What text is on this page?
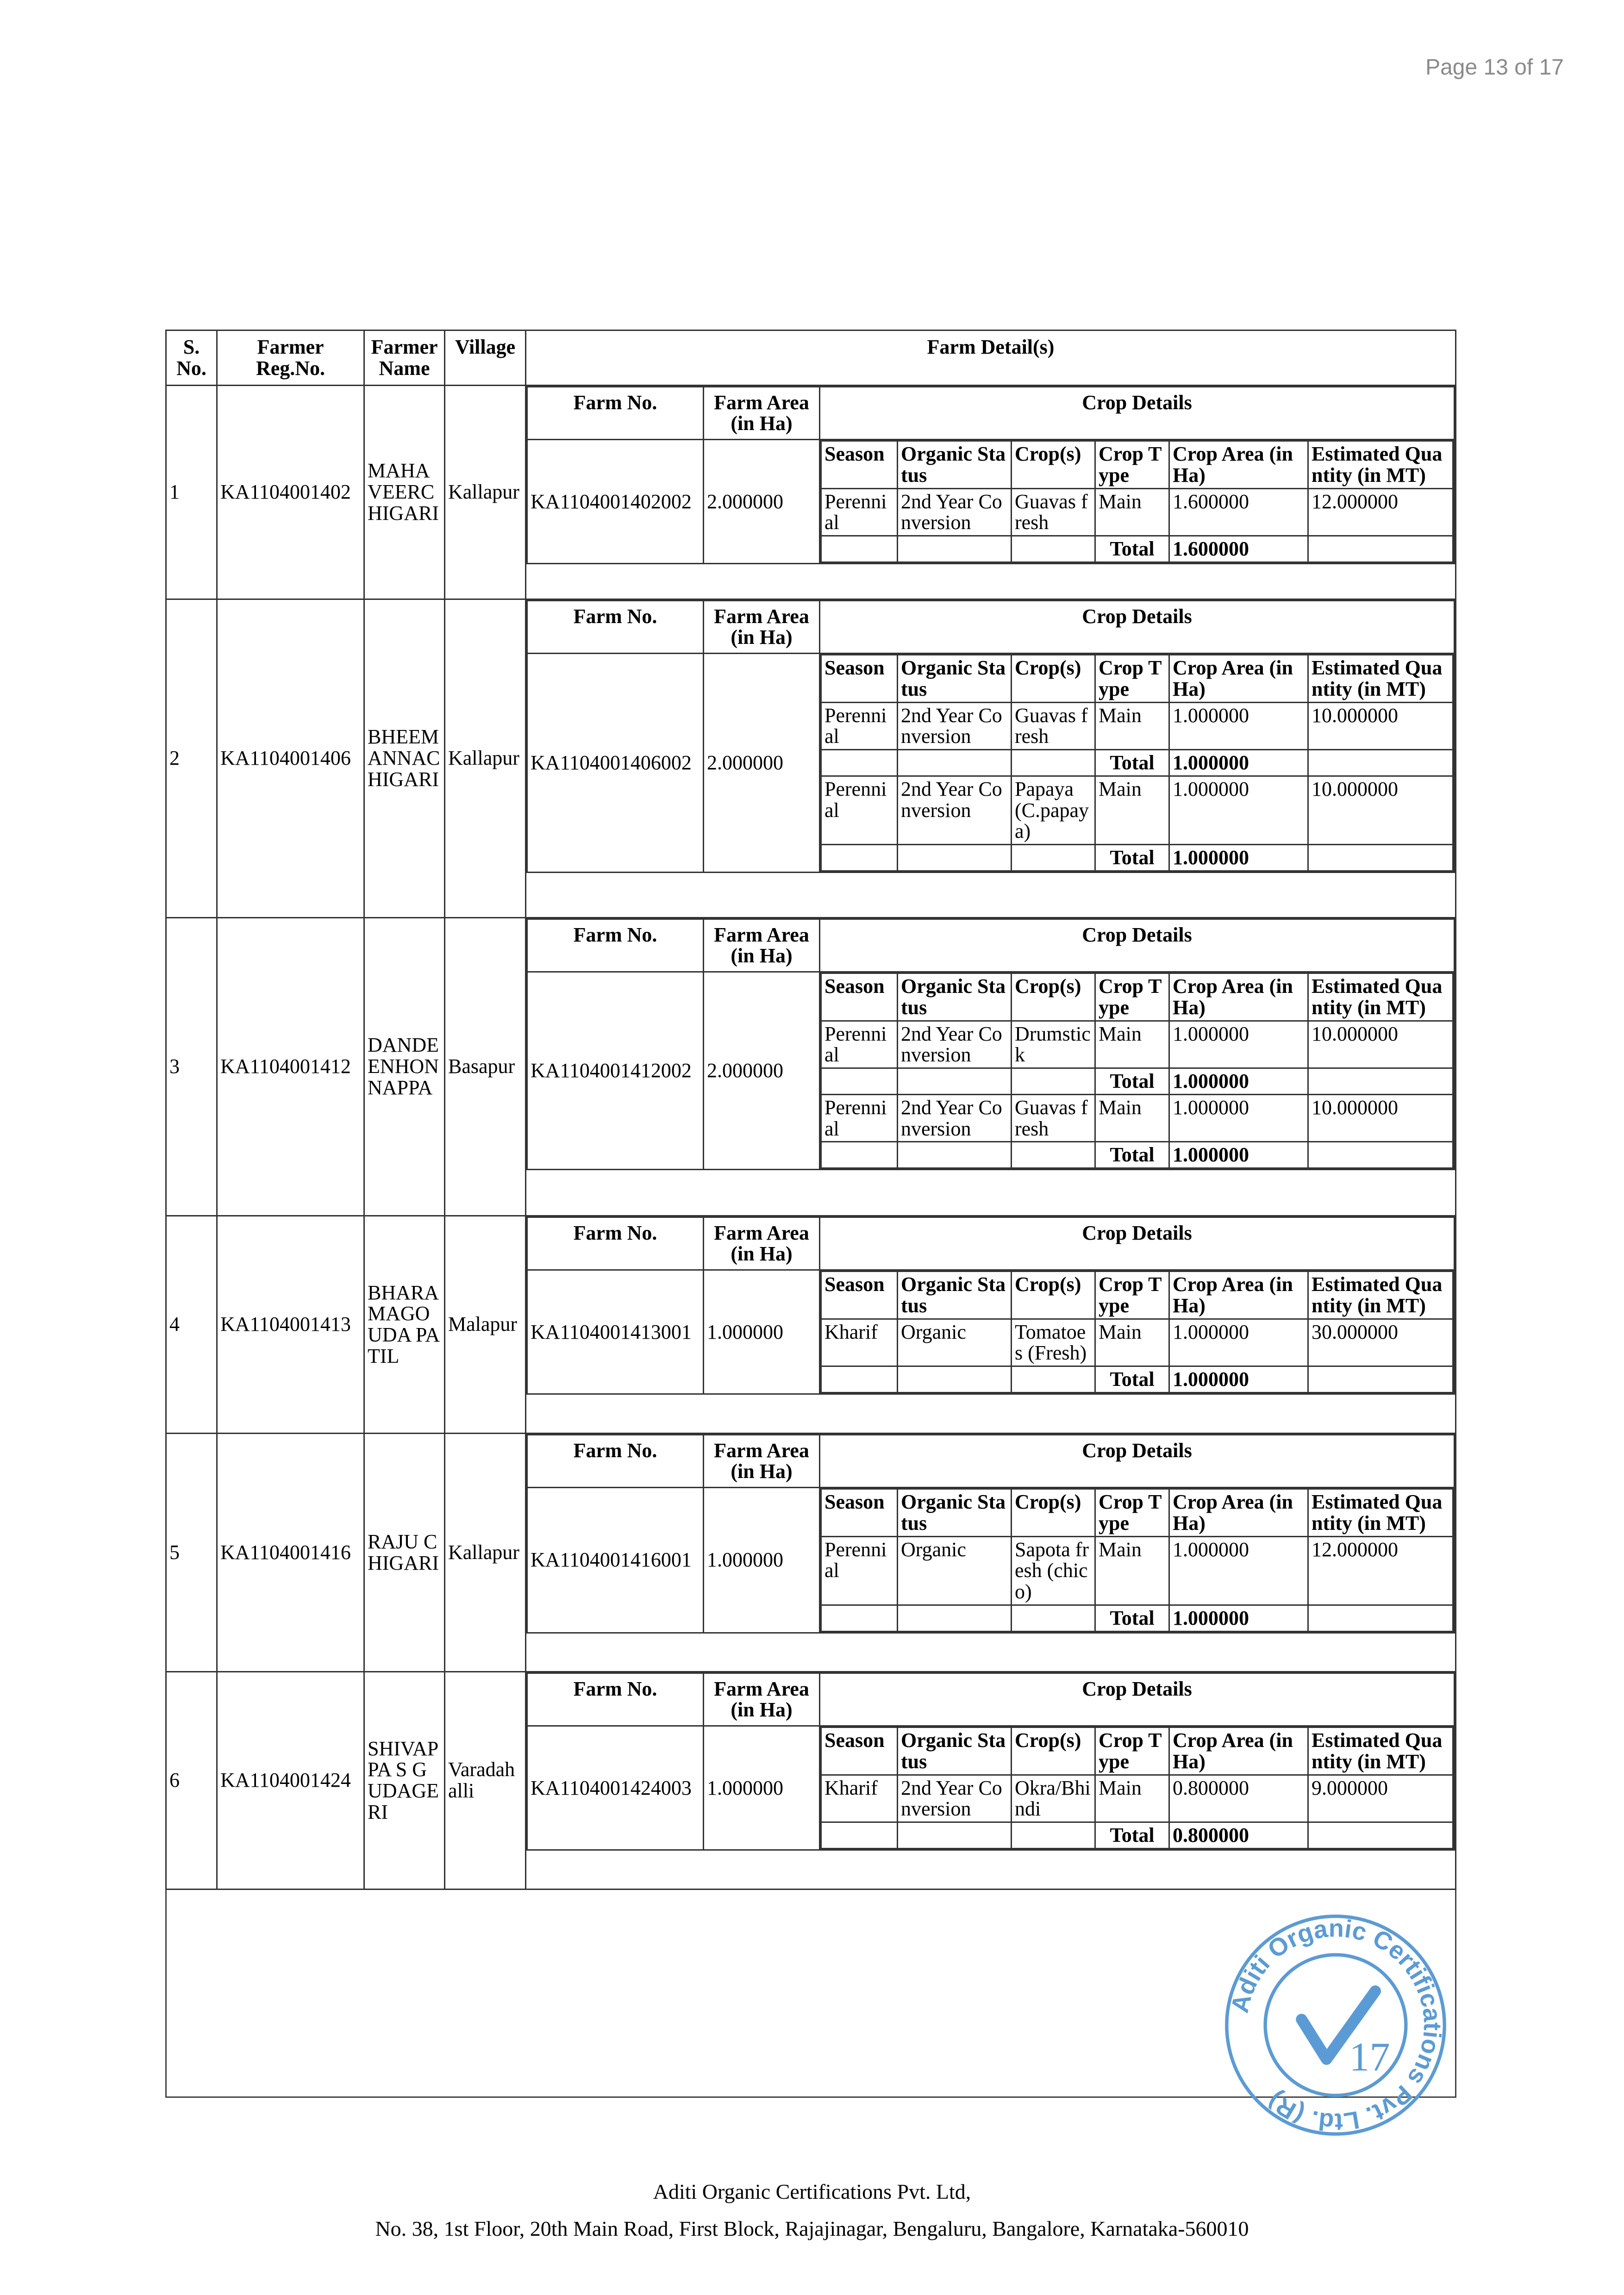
Page 13 of 17
S. No.	Farmer Reg.No.	Farmer Name	Village	Farm Detail(s)
1	KA1104001402	MAHAVEERCHIGARI	Kallapur	
Farm No.	Farm Area (in Ha)	Crop Details
KA1104001402002	2.000000	
Season	Organic Status	Crop(s)	Crop Type	Crop Area (in Ha)	Estimated Quantity (in MT)
Perennial	2nd Year Conversion	Guavas fresh	Main	1.600000	12.000000
			Total	1.600000	

2	KA1104001406	BHEEMANNACHIGARI	Kallapur	
Farm No.	Farm Area (in Ha)	Crop Details
KA1104001406002	2.000000	
Season	Organic Status	Crop(s)	Crop Type	Crop Area (in Ha)	Estimated Quantity (in MT)
Perennial	2nd Year Conversion	Guavas fresh	Main	1.000000	10.000000
			Total	1.000000	
Perennial	2nd Year Conversion	Papaya (C.papaya)	Main	1.000000	10.000000
			Total	1.000000	

3	KA1104001412	DANDEENHONNAPPA	Basapur	
Farm No.	Farm Area (in Ha)	Crop Details
KA1104001412002	2.000000	
Season	Organic Status	Crop(s)	Crop Type	Crop Area (in Ha)	Estimated Quantity (in MT)
Perennial	2nd Year Conversion	Drumstick	Main	1.000000	10.000000
			Total	1.000000	
Perennial	2nd Year Conversion	Guavas fresh	Main	1.000000	10.000000
			Total	1.000000	

4	KA1104001413	BHARAMAGOUDA PATIL	Malapur	
Farm No.	Farm Area (in Ha)	Crop Details
KA1104001413001	1.000000	
Season	Organic Status	Crop(s)	Crop Type	Crop Area (in Ha)	Estimated Quantity (in MT)
Kharif	Organic	Tomatoes (Fresh)	Main	1.000000	30.000000
			Total	1.000000	

5	KA1104001416	RAJU CHIGARI	Kallapur	
Farm No.	Farm Area (in Ha)	Crop Details
KA1104001416001	1.000000	
Season	Organic Status	Crop(s)	Crop Type	Crop Area (in Ha)	Estimated Quantity (in MT)
Perennial	Organic	Sapota fresh (chico)	Main	1.000000	12.000000
			Total	1.000000	

6	KA1104001424	SHIVAPPA S GUDAGERI	Varadahalli	
Farm No.	Farm Area (in Ha)	Crop Details
KA1104001424003	1.000000	
Season	Organic Status	Crop(s)	Crop Type	Crop Area (in Ha)	Estimated Quantity (in MT)
Kharif	2nd Year Conversion	Okra/Bhindi	Main	0.800000	9.000000
			Total	0.800000	
Aditi Organic Certifications Pvt. Ltd. (R)
17
Aditi Organic Certifications Pvt. Ltd,
No. 38, 1st Floor, 20th Main Road, First Block, Rajajinagar, Bengaluru, Bangalore, Karnataka-560010
